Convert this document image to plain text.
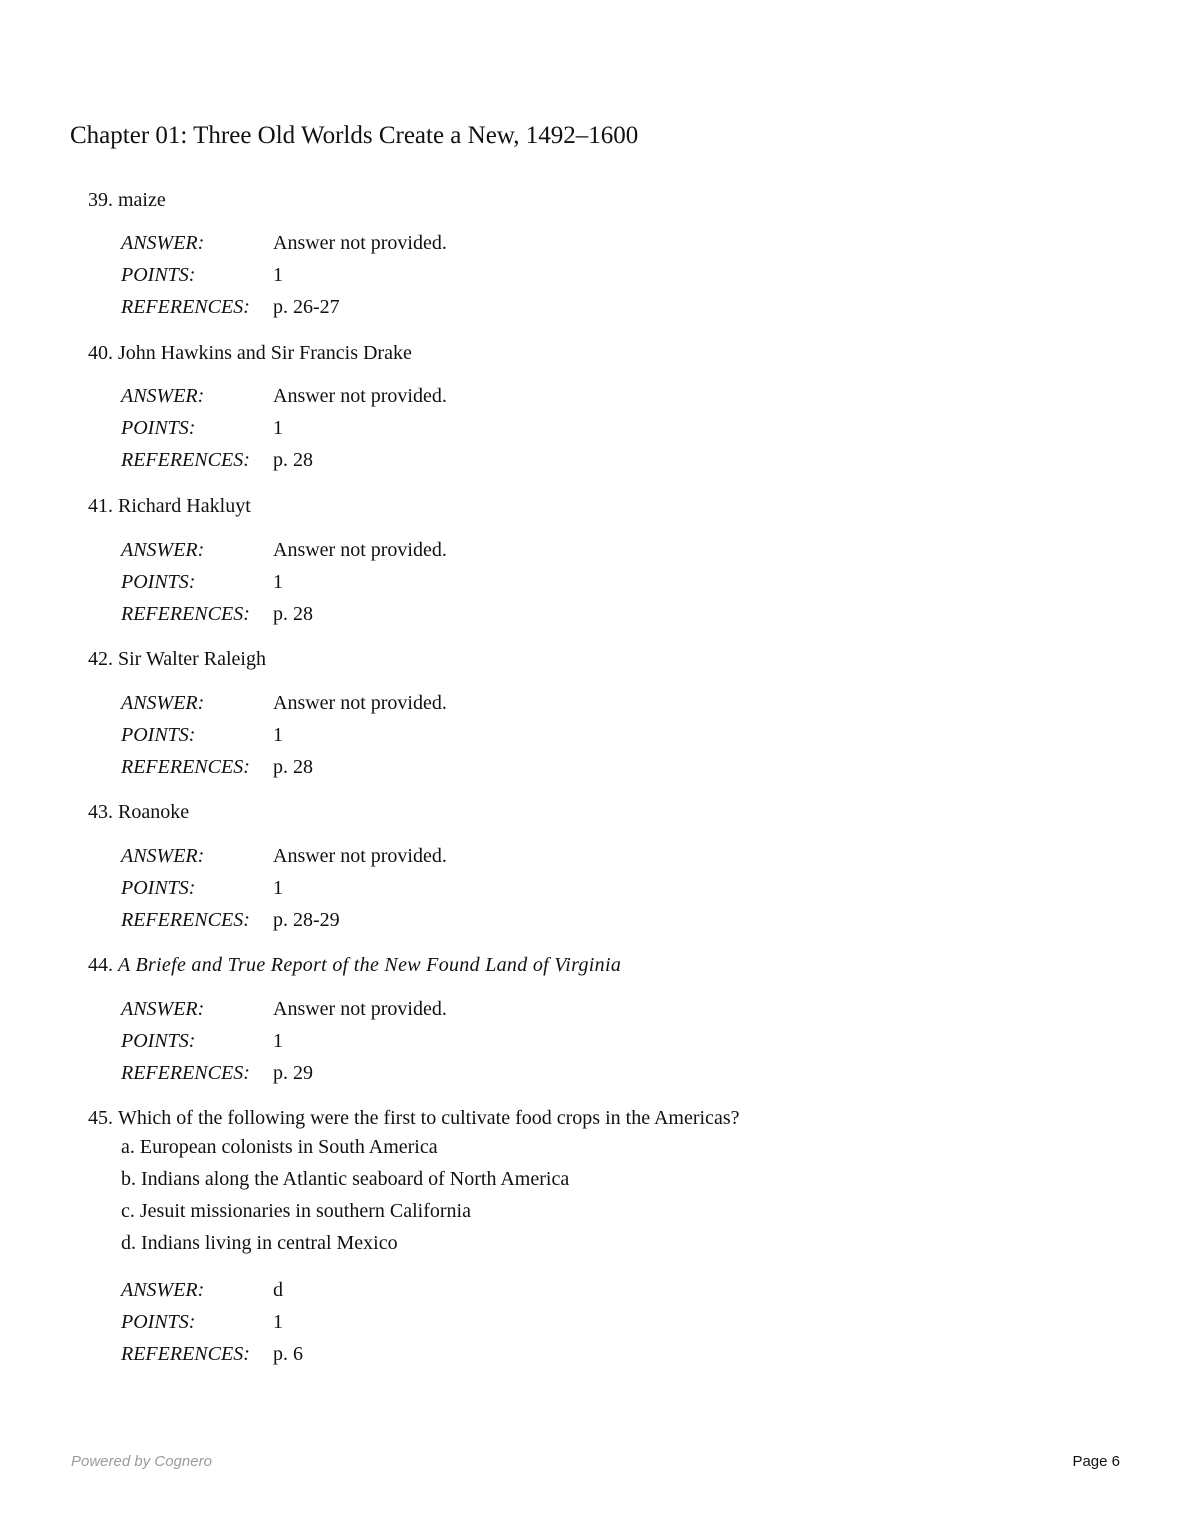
Chapter 01: Three Old Worlds Create a New, 1492–1600
39. maize
ANSWER:	Answer not provided.
POINTS:	1
REFERENCES: p. 26-27
40. John Hawkins and Sir Francis Drake
ANSWER:	Answer not provided.
POINTS:	1
REFERENCES: p. 28
41. Richard Hakluyt
ANSWER:	Answer not provided.
POINTS:	1
REFERENCES: p. 28
42. Sir Walter Raleigh
ANSWER:	Answer not provided.
POINTS:	1
REFERENCES: p. 28
43. Roanoke
ANSWER:	Answer not provided.
POINTS:	1
REFERENCES: p. 28-29
44. A Briefe and True Report of the New Found Land of Virginia
ANSWER:	Answer not provided.
POINTS:	1
REFERENCES: p. 29
45. Which of the following were the first to cultivate food crops in the Americas?
a. European colonists in South America
b. Indians along the Atlantic seaboard of North America
c. Jesuit missionaries in southern California
d. Indians living in central Mexico
ANSWER:	d
POINTS:	1
REFERENCES: p. 6
Powered by Cognero	Page 6
